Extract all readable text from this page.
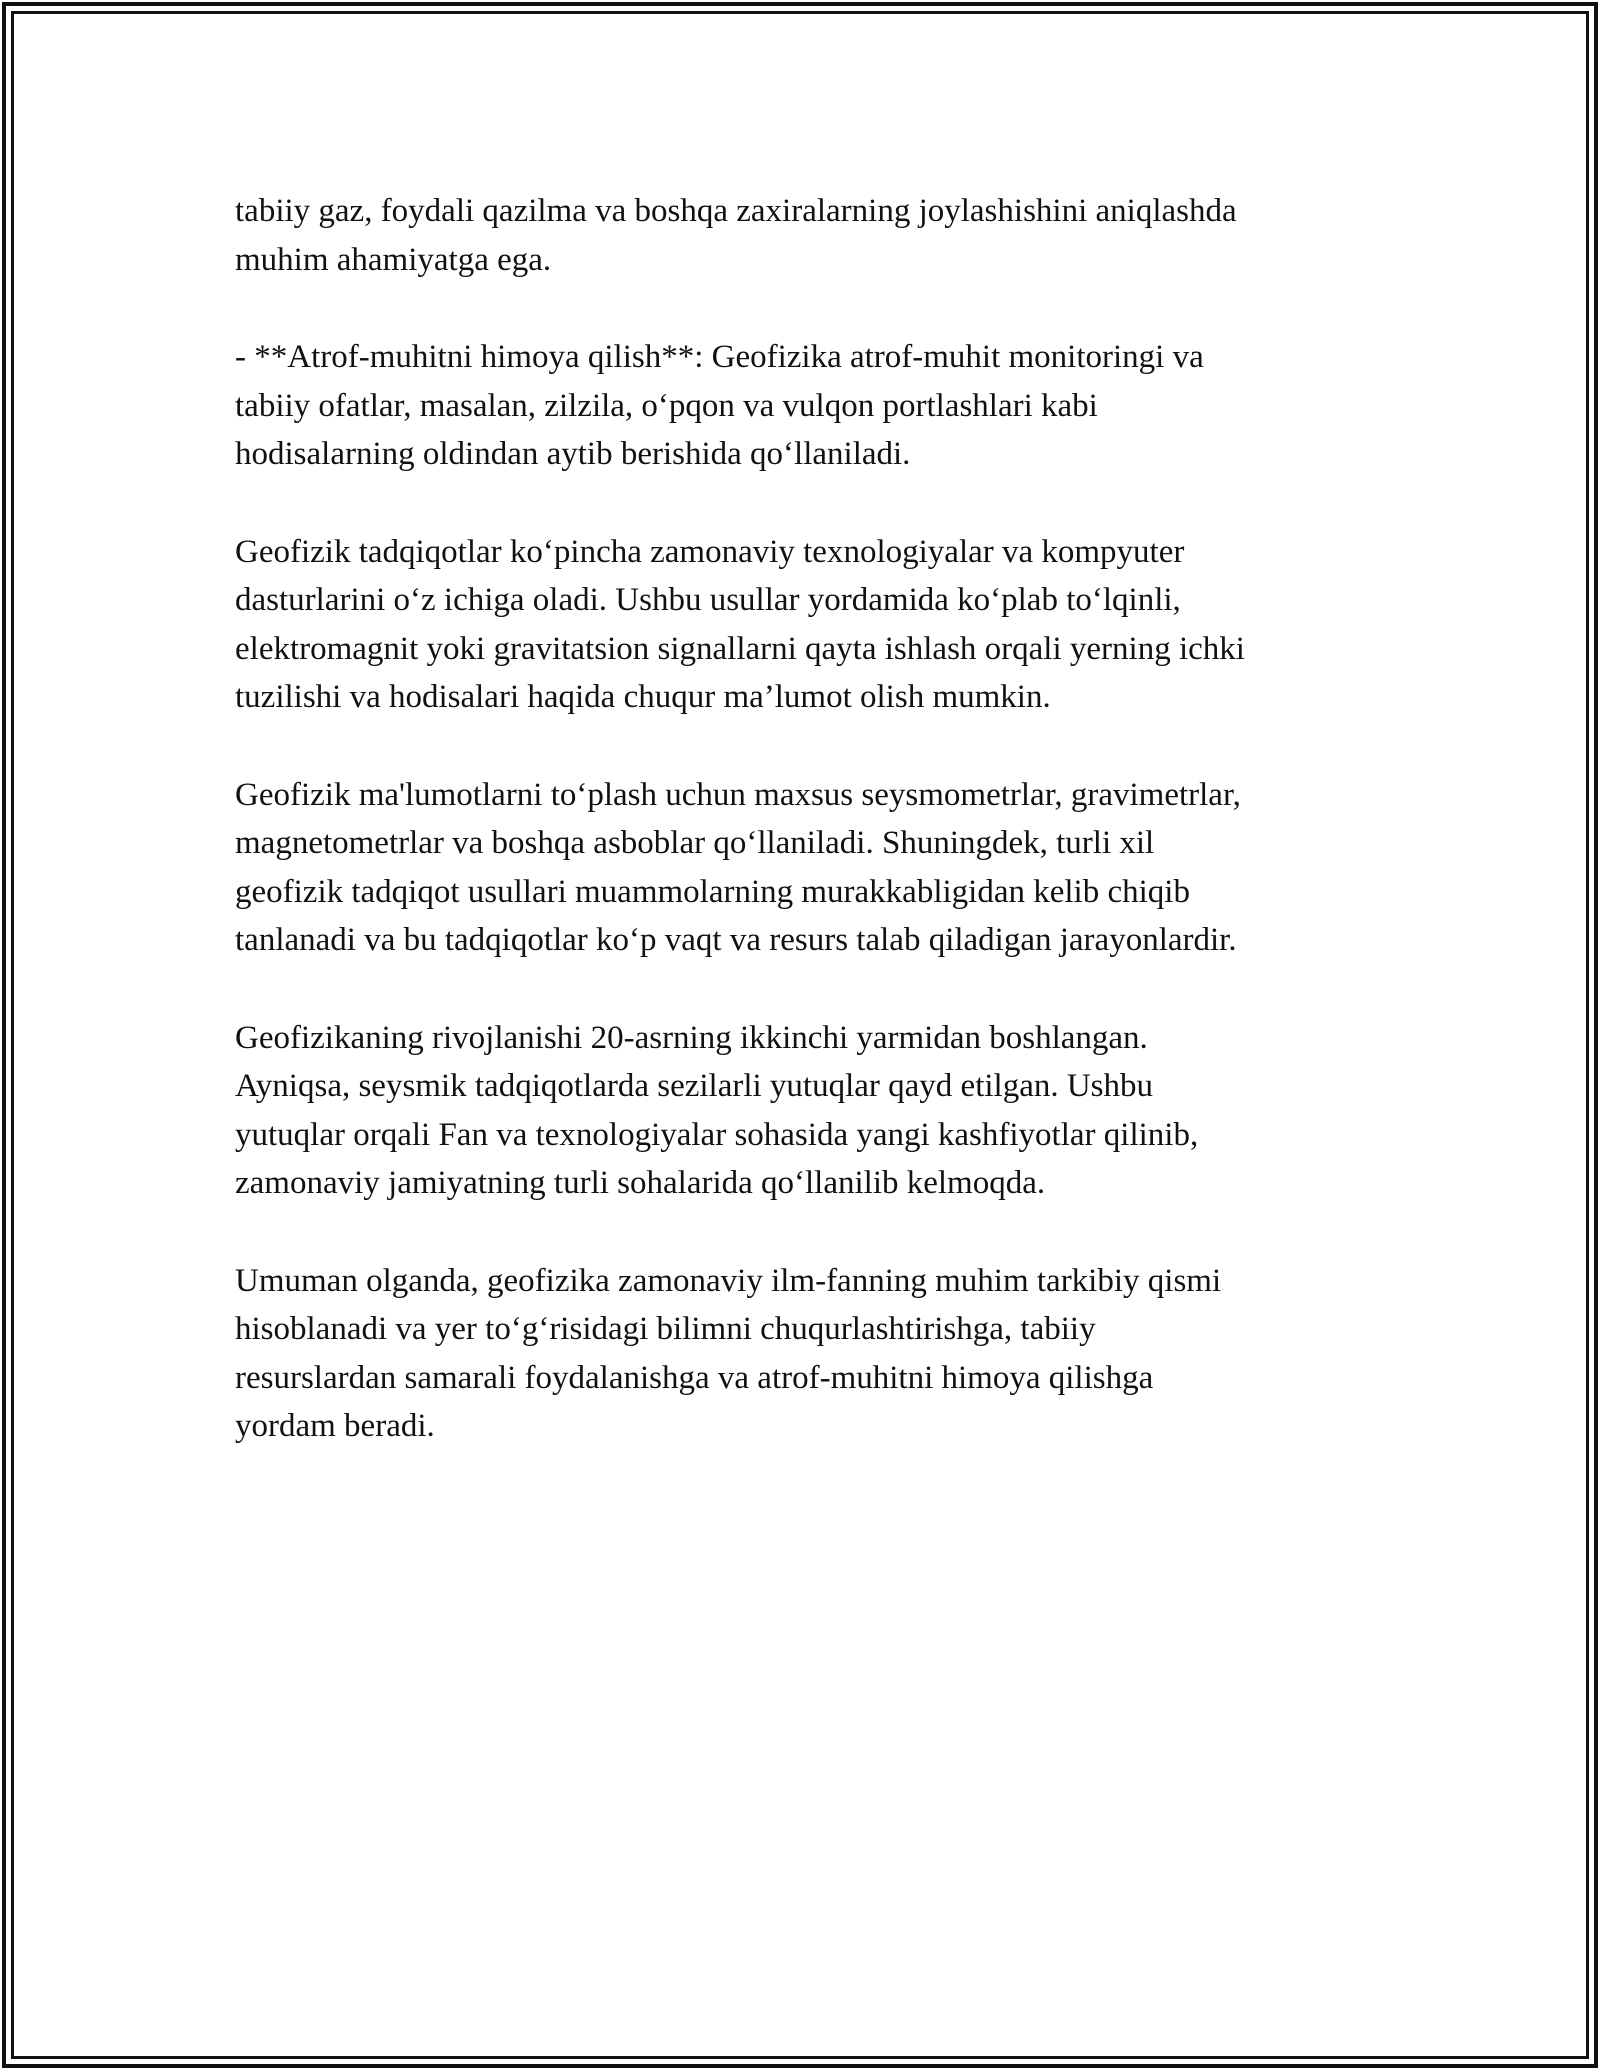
tabiiy gaz, foydali qazilma va boshqa zaxiralarning joylashishini aniqlashda
muhim ahamiyatga ega.

- **Atrof-muhitni himoya qilish**: Geofizika atrof-muhit monitoringi va
tabiiy ofatlar, masalan, zilzila, o‘pqon va vulqon portlashlari kabi
hodisalarning oldindan aytib berishida qo‘llaniladi.

Geofizik tadqiqotlar ko‘pincha zamonaviy texnologiyalar va kompyuter
dasturlarini o‘z ichiga oladi. Ushbu usullar yordamida ko‘plab to‘lqinli,
elektromagnit yoki gravitatsion signallarni qayta ishlash orqali yerning ichki
tuzilishi va hodisalari haqida chuqur ma’lumot olish mumkin.

Geofizik ma'lumotlarni to‘plash uchun maxsus seysmometrlar, gravimetrlar,
magnetometrlar va boshqa asboblar qo‘llaniladi. Shuningdek, turli xil
geofizik tadqiqot usullari muammolarning murakkabligidan kelib chiqib
tanlanadi va bu tadqiqotlar ko‘p vaqt va resurs talab qiladigan jarayonlardir.

Geofizikaning rivojlanishi 20-asrning ikkinchi yarmidan boshlangan.
Ayniqsa, seysmik tadqiqotlarda sezilarli yutuqlar qayd etilgan. Ushbu
yutuqlar orqali Fan va texnologiyalar sohasida yangi kashfiyotlar qilinib,
zamonaviy jamiyatning turli sohalarida qo‘llanilib kelmoqda.

Umuman olganda, geofizika zamonaviy ilm-fanning muhim tarkibiy qismi
hisoblanadi va yer to‘g‘risidagi bilimni chuqurlashtirishga, tabiiy
resurslardan samarali foydalanishga va atrof-muhitni himoya qilishga
yordam beradi.
